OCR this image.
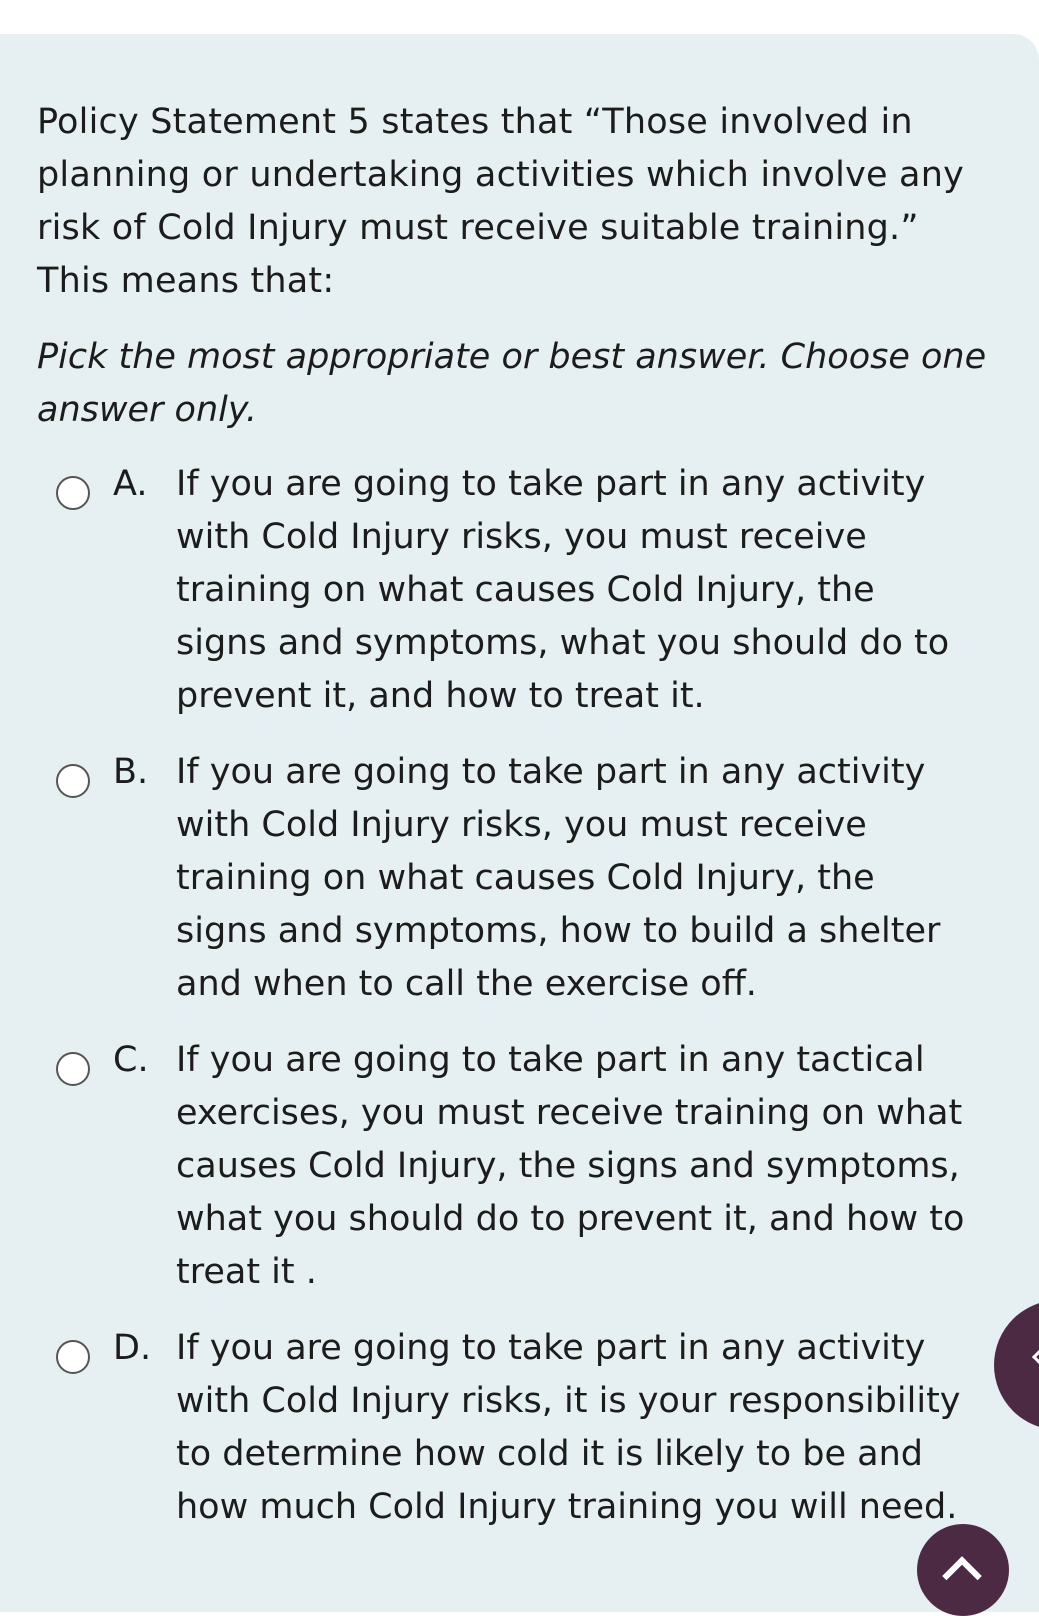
Policy Statement 5 states that “Those involved in planning or undertaking activities which involve any risk of Cold Injury must receive suitable training.” This means that:
Pick the most appropriate or best answer. Choose one answer only.
A. If you are going to take part in any activity with Cold Injury risks, you must receive training on what causes Cold Injury, the signs and symptoms, what you should do to prevent it, and how to treat it.
B. If you are going to take part in any activity with Cold Injury risks, you must receive training on what causes Cold Injury, the signs and symptoms, how to build a shelter and when to call the exercise off.
C. If you are going to take part in any tactical exercises, you must receive training on what causes Cold Injury, the signs and symptoms, what you should do to prevent it, and how to treat it .
D. If you are going to take part in any activity with Cold Injury risks, it is your responsibility to determine how cold it is likely to be and how much Cold Injury training you will need.
